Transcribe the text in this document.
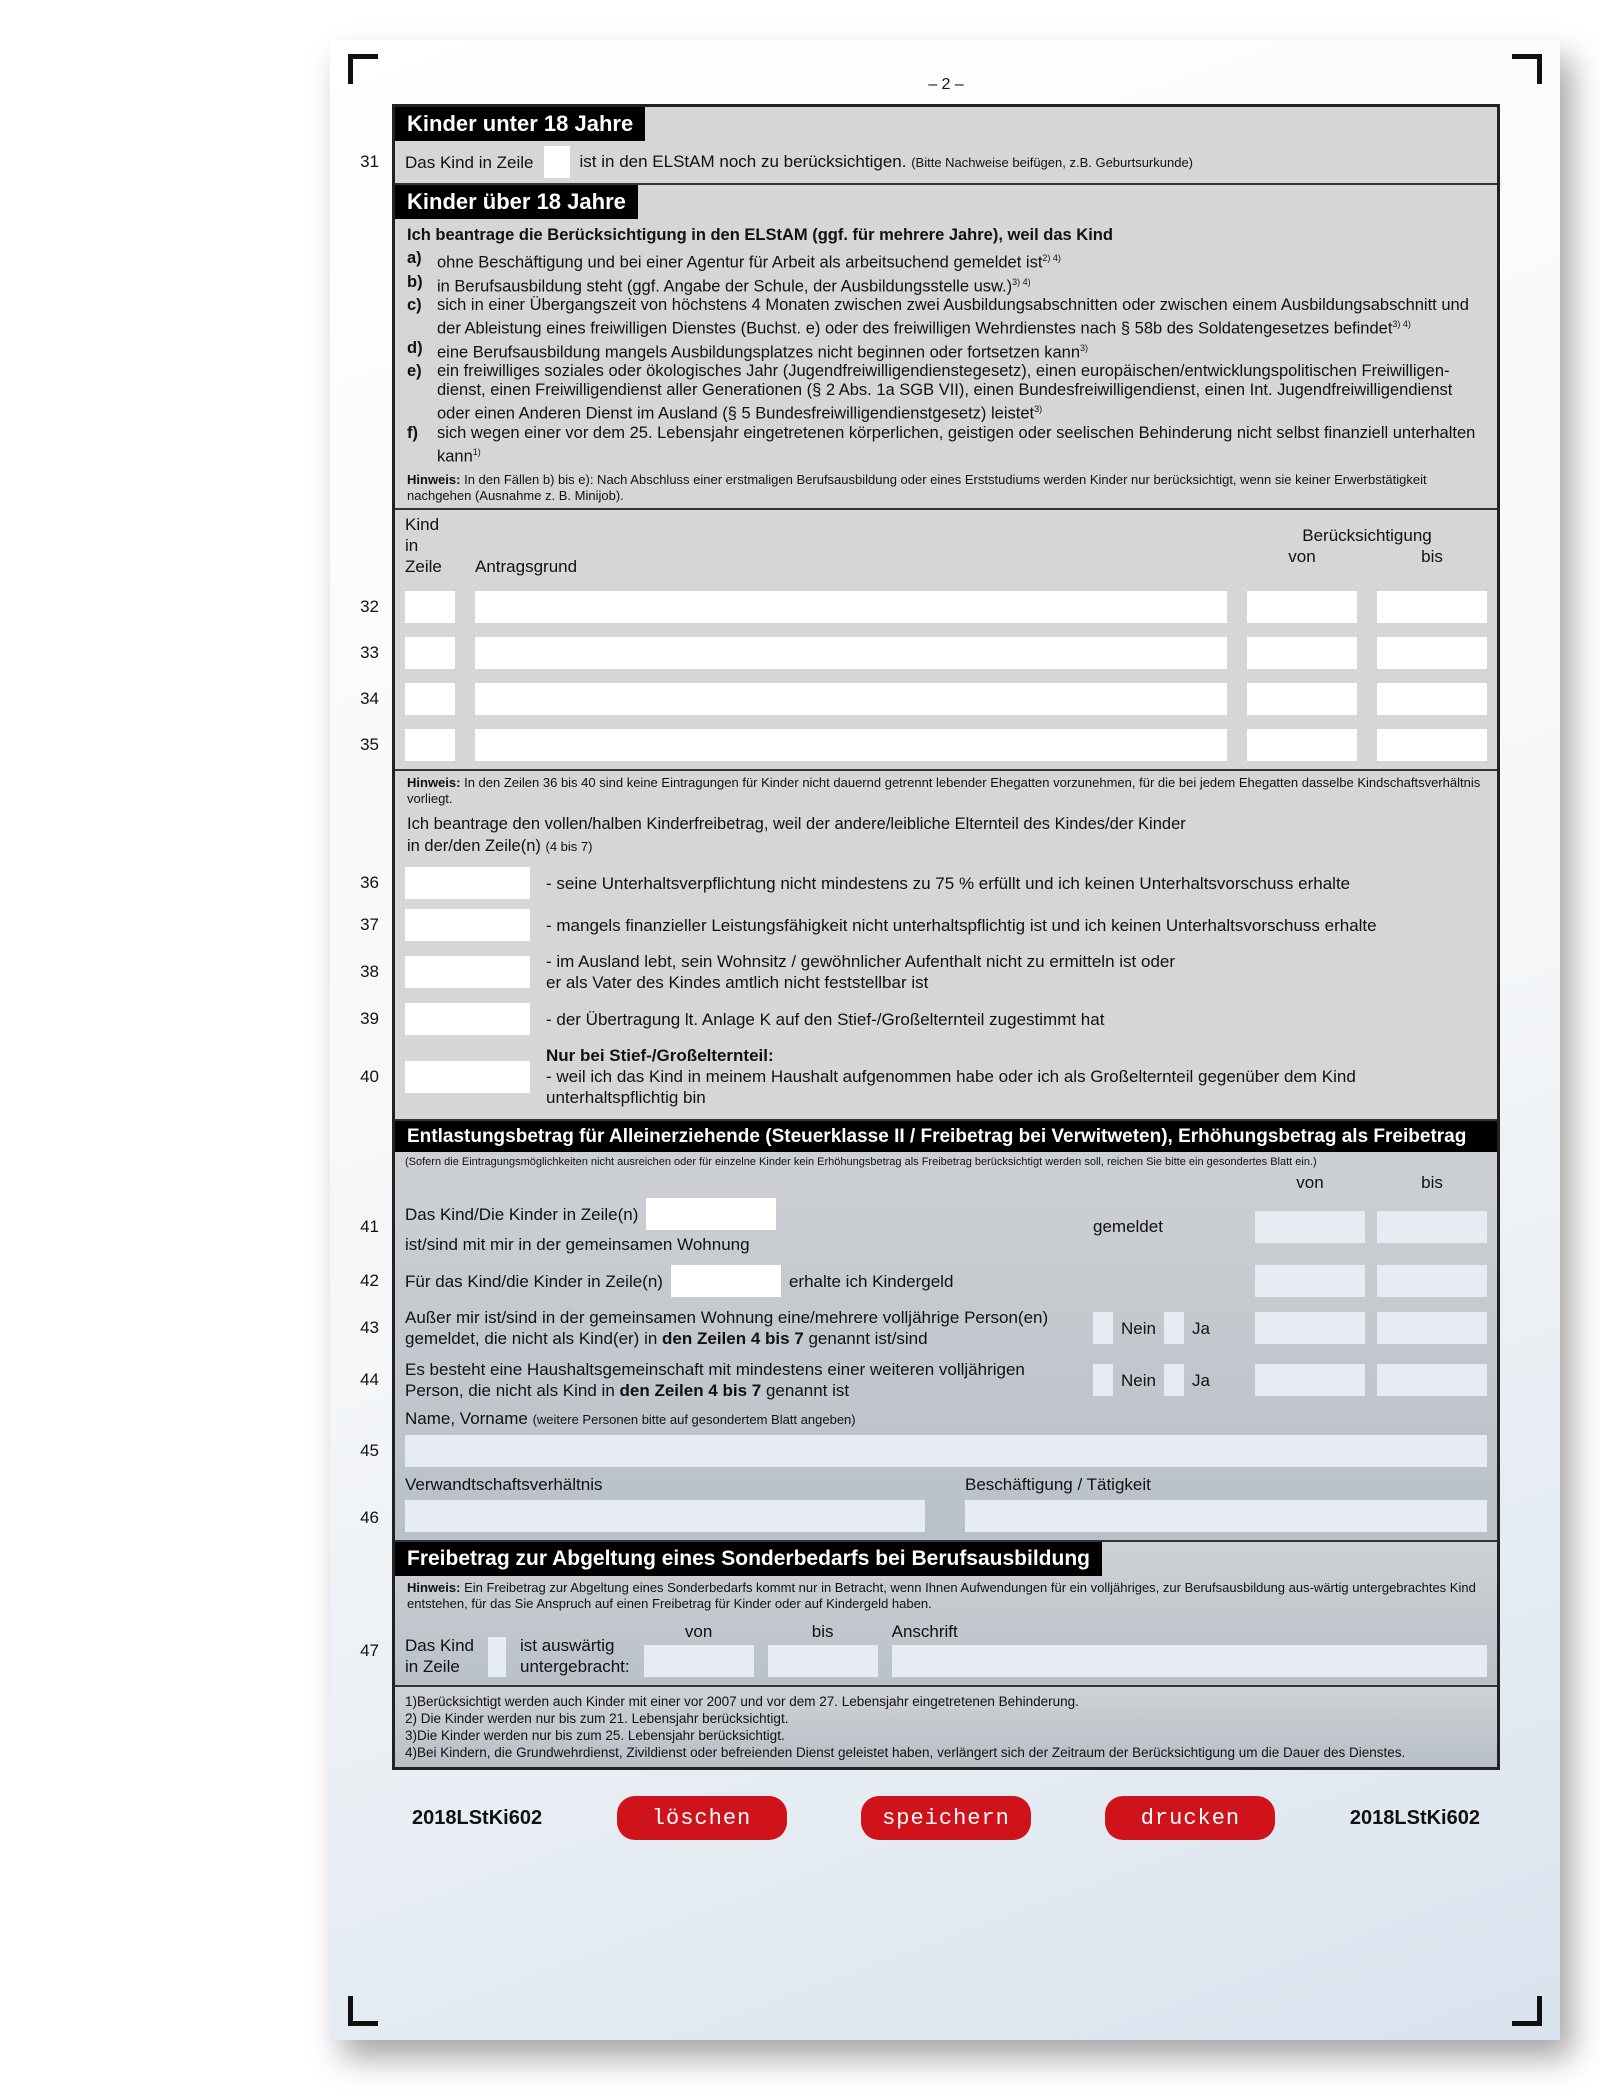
– 2 –
Kinder unter 18 Jahre
31 Das Kind in Zeile	ist in den ELStAM noch zu berücksichtigen. (Bitte Nachweise beifügen, z.B. Geburtsurkunde)
Kinder über 18 Jahre
Ich beantrage die Berücksichtigung in den ELStAM (ggf. für mehrere Jahre), weil das Kind
a) ohne Beschäftigung und bei einer Agentur für Arbeit als arbeitsuchend gemeldet ist$^{2) 4)}$
b) in Berufsausbildung steht (ggf. Angabe der Schule, der Ausbildungsstelle usw.)$^{3) 4)}$
c) sich in einer Übergangszeit von höchstens 4 Monaten zwischen zwei Ausbildungsabschnitten oder zwischen einem Ausbildungsabschnitt und der Ableistung eines freiwilligen Dienstes (Buchst. e) oder des freiwilligen Wehrdienstes nach § 58b des Soldatengesetzes befindet$^{3) 4)}$
d) eine Berufsausbildung mangels Ausbildungsplatzes nicht beginnen oder fortsetzen kann$^{3)}$
e) ein freiwilliges soziales oder ökologisches Jahr (Jugendfreiwilligendienstegesetz), einen europäischen/entwicklungspolitischen Freiwilligen-dienst, einen Freiwilligendienst aller Generationen (§ 2 Abs. 1a SGB VII), einen Bundesfreiwilligendienst, einen Int. Jugendfreiwilligendienst oder einen Anderen Dienst im Ausland (§ 5 Bundesfreiwilligendienstgesetz) leistet$^{3)}$
f)	sich wegen einer vor dem 25. Lebensjahr eingetretenen körperlichen, geistigen oder seelischen Behinderung nicht selbst finanziell unterhalten kann$^{1)}$
Hinweis: In den Fällen b) bis e): Nach Abschluss einer erstmaligen Berufsausbildung oder eines Erststudiums werden Kinder nur berücksichtigt, wenn sie keiner Erwerbstätigkeit nachgehen (Ausnahme z. B. Minijob).
Kind in
Zeile	Antragsgrund
Berücksichtigung
von	bis
32
33
34
35
Hinweis: In den Zeilen 36 bis 40 sind keine Eintragungen für Kinder nicht dauernd getrennt lebender Ehegatten vorzunehmen, für die bei jedem Ehegatten dasselbe Kindschaftsverhältnis vorliegt.
Ich beantrage den vollen/halben Kinderfreibetrag, weil der andere/leibliche Elternteil des Kindes/der Kinder
in der/den Zeile(n) (4 bis 7)
36	- seine Unterhaltsverpflichtung nicht mindestens zu 75 % erfüllt und ich keinen Unterhaltsvorschuss erhalte
37	- mangels finanzieller Leistungsfähigkeit nicht unterhaltspflichtig ist und ich keinen Unterhaltsvorschuss erhalte
38
- im Ausland lebt, sein Wohnsitz / gewöhnlicher Aufenthalt nicht zu ermitteln ist oder
er als Vater des Kindes amtlich nicht feststellbar ist
39	- der Übertragung lt. Anlage K auf den Stief-/Großelternteil zugestimmt hat
40
Nur bei Stief-/Großelternteil:
- weil ich das Kind in meinem Haushalt aufgenommen habe oder ich als Großelternteil gegenüber dem Kind unterhaltspflichtig bin
Entlastungsbetrag für Alleinerziehende (Steuerklasse II / Freibetrag bei Verwitweten), Erhöhungsbetrag als Freibetrag
(Sofern die Eintragungsmöglichkeiten nicht ausreichen oder für einzelne Kinder kein Erhöhungsbetrag als Freibetrag berücksichtigt werden soll, reichen Sie bitte ein gesondertes Blatt ein.)
von	bis
41
Das Kind/Die Kinder in Zeile(n)
ist/sind mit mir in der gemeinsamen Wohnung
gemeldet
42 Für das Kind/die Kinder in Zeile(n)	erhalte ich Kindergeld
43
Außer mir ist/sind in der gemeinsamen Wohnung eine/mehrere volljährige Person(en)
gemeldet, die nicht als Kind(er) in den Zeilen 4 bis 7 genannt ist/sind
Nein Ja
44
Es besteht eine Haushaltsgemeinschaft mit mindestens einer weiteren volljährigen
Person, die nicht als Kind in den Zeilen 4 bis 7 genannt ist
Nein Ja
Name, Vorname (weitere Personen bitte auf gesondertem Blatt angeben)
45
Verwandtschaftsverhältnis	Beschäftigung / Tätigkeit
46
Freibetrag zur Abgeltung eines Sonderbedarfs bei Berufsausbildung
Hinweis: Ein Freibetrag zur Abgeltung eines Sonderbedarfs kommt nur in Betracht, wenn Ihnen Aufwendungen für ein volljähriges, zur Berufsausbildung aus-wärtig untergebrachtes Kind entstehen, für das Sie Anspruch auf einen Freibetrag für Kinder oder auf Kindergeld haben.
47 Das Kind
in Zeile
ist auswärtig
untergebracht:
von	bis	Anschrift
1)Berücksichtigt werden auch Kinder mit einer vor 2007 und vor dem 27. Lebensjahr eingetretenen Behinderung.
2) Die Kinder werden nur bis zum 21. Lebensjahr berücksichtigt.
3)Die Kinder werden nur bis zum 25. Lebensjahr berücksichtigt.
4)Bei Kindern, die Grundwehrdienst, Zivildienst oder befreienden Dienst geleistet haben, verlängert sich der Zeitraum der Berücksichtigung um die Dauer des Dienstes.
2018LStKi602	löschen	speichern	drucken	2018LStKi602
